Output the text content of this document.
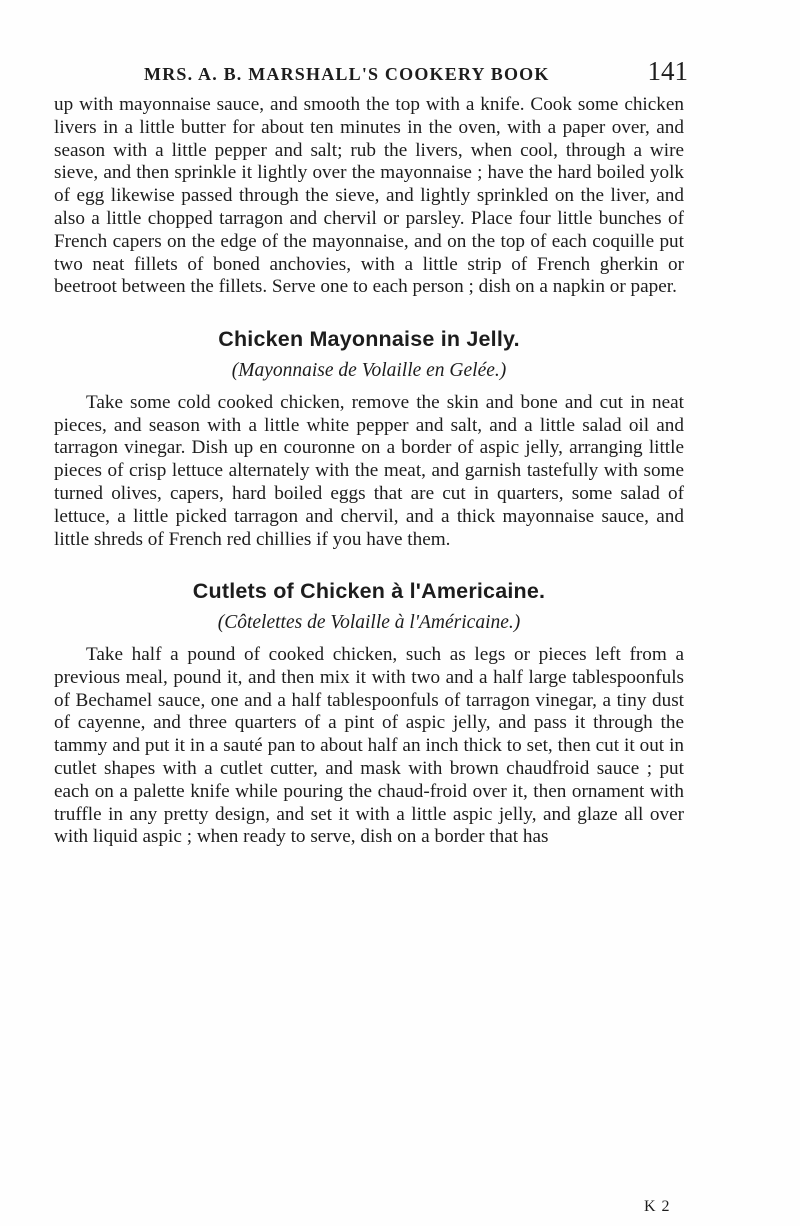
MRS. A. B. MARSHALL'S COOKERY BOOK	141

up with mayonnaise sauce, and smooth the top with a knife. Cook some chicken livers in a little butter for about ten minutes in the oven, with a paper over, and season with a little pepper and salt; rub the livers, when cool, through a wire sieve, and then sprinkle it lightly over the mayonnaise ; have the hard boiled yolk of egg likewise passed through the sieve, and lightly sprinkled on the liver, and also a little chopped tarragon and chervil or parsley. Place four little bunches of French capers on the edge of the mayonnaise, and on the top of each coquille put two neat fillets of boned anchovies, with a little strip of French gherkin or beetroot between the fillets. Serve one to each person ; dish on a napkin or paper.

Chicken Mayonnaise in Jelly.

(Mayonnaise de Volaille en Gelée.)

Take some cold cooked chicken, remove the skin and bone and cut in neat pieces, and season with a little white pepper and salt, and a little salad oil and tarragon vinegar. Dish up en couronne on a border of aspic jelly, arranging little pieces of crisp lettuce alternately with the meat, and garnish tastefully with some turned olives, capers, hard boiled eggs that are cut in quarters, some salad of lettuce, a little picked tarragon and chervil, and a thick mayonnaise sauce, and little shreds of French red chillies if you have them.

Cutlets of Chicken à l'Americaine.

(Côtelettes de Volaille à l'Américaine.)

Take half a pound of cooked chicken, such as legs or pieces left from a previous meal, pound it, and then mix it with two and a half large tablespoonfuls of Bechamel sauce, one and a half tablespoonfuls of tarragon vinegar, a tiny dust of cayenne, and three quarters of a pint of aspic jelly, and pass it through the tammy and put it in a sauté pan to about half an inch thick to set, then cut it out in cutlet shapes with a cutlet cutter, and mask with brown chaudfroid sauce ; put each on a palette knife while pouring the chaud-froid over it, then ornament with truffle in any pretty design, and set it with a little aspic jelly, and glaze all over with liquid aspic ; when ready to serve, dish on a border that has

K 2
